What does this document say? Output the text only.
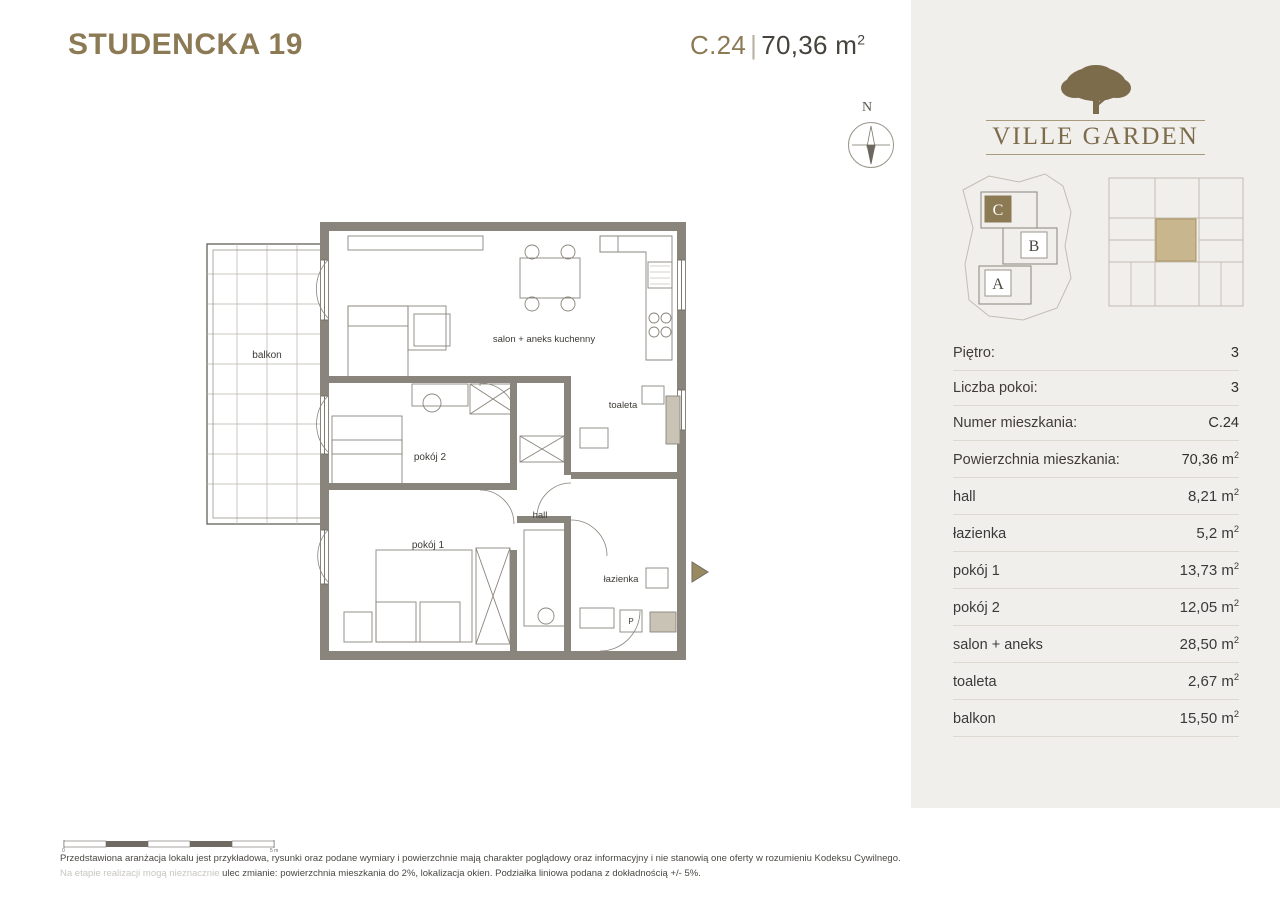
STUDENCKA 19	C.24 | 70,36 $m^2$
N
balkon
salon + aneks kuchenny
pokój 2
pokój 1
hall
toaleta
łazienka
P
VILLE GARDEN
C
B
A
Piętro:	3
Liczba pokoi:	3
Numer mieszkania:	C.24
Powierzchnia mieszkania:	70,36 $m^2$
hall	8,21 $m^2$
łazienka	5,2 $m^2$
pokój 1	13,73 $m^2$
pokój 2	12,05 $m^2$
salon + aneks	28,50 $m^2$
toaleta	2,67 $m^2$
balkon	15,50 $m^2$
0	5 m
Przedstawiona aranżacja lokalu jest przykładowa, rysunki oraz podane wymiary i powierzchnie mają charakter poglądowy oraz informacyjny i nie stanowią one oferty w rozumieniu Kodeksu Cywilnego.
Na etapie realizacji mogą nieznacznie ulec zmianie: powierzchnia mieszkania do 2%, lokalizacja okien. Podziałka liniowa podana z dokładnością +/- 5%.
